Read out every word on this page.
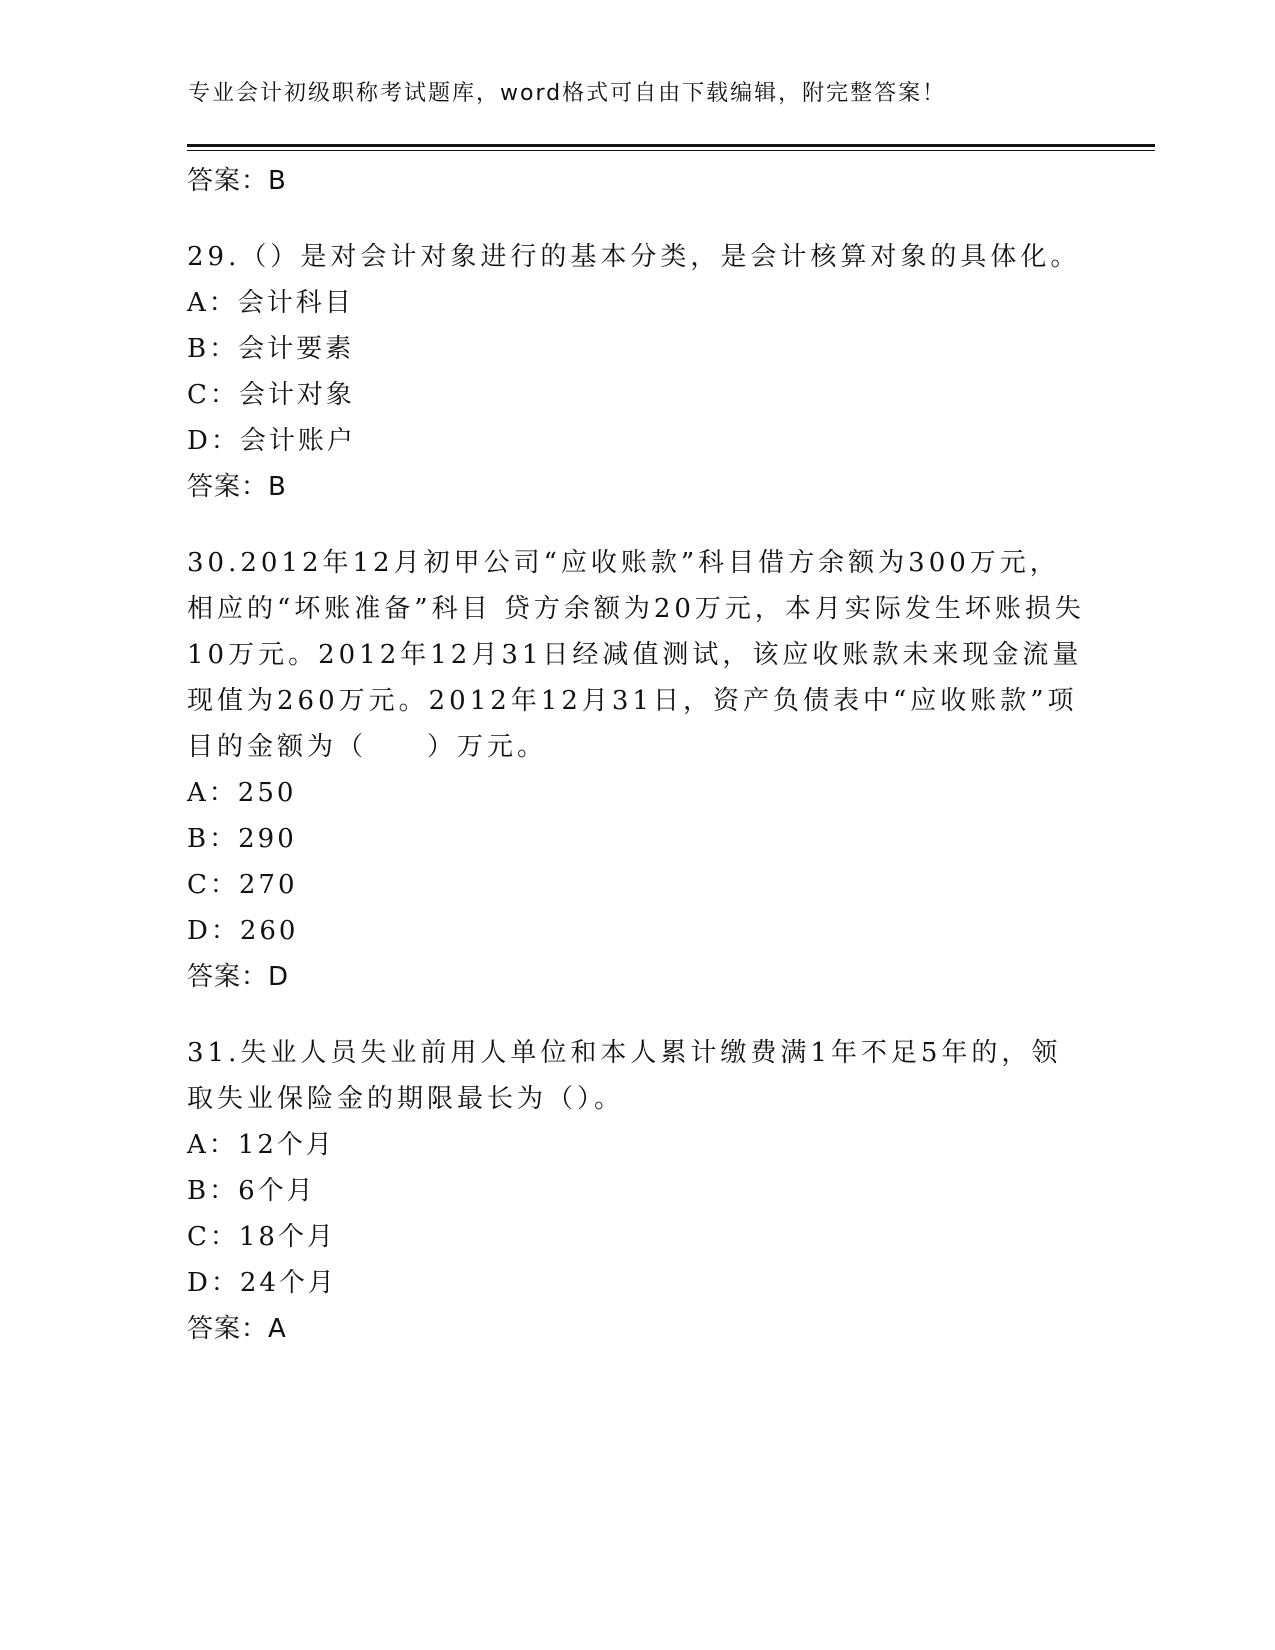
专业会计初级职称考试题库，word格式可自由下载编辑，附完整答案！
答案：B

29.（）是对会计对象进行的基本分类，是会计核算对象的具体化。

A：会计科目
B：会计要素
C：会计对象
D：会计账户
答案：B

30.2012年12月初甲公司“应收账款”科目借方余额为300万元，相应的“坏账准备”科目 贷方余额为20万元，本月实际发生坏账损失10万元。2012年12月31日经减值测试，该应收账款未来现金流量现值为260万元。2012年12月31日，资产负债表中“应收账款”项目的金额为（　　）万元。

A：250
B：290
C：270
D：260
答案：D

31.失业人员失业前用人单位和本人累计缴费满1年不足5年的，领取失业保险金的期限最长为（）。

A：12个月
B：6个月
C：18个月
D：24个月
答案：A
